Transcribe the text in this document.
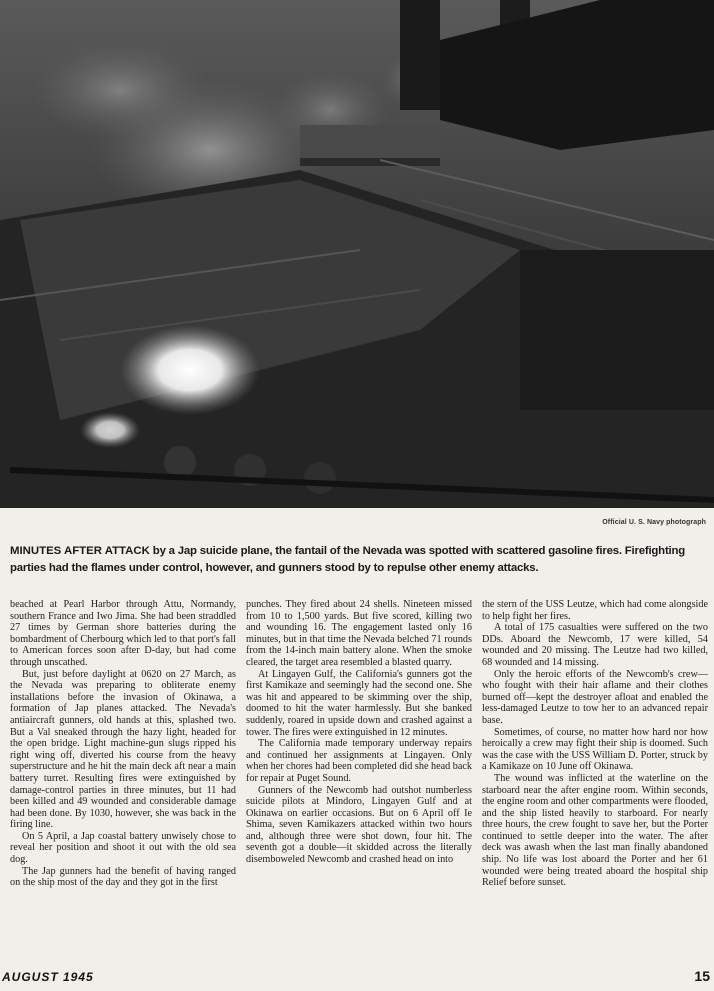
Official U. S. Navy photograph
MINUTES AFTER ATTACK by a Jap suicide plane, the fantail of the Nevada was spotted with scattered gasoline fires. Firefighting parties had the flames under control, however, and gunners stood by to repulse other enemy attacks.

beached at Pearl Harbor through Attu, Normandy, southern France and Iwo Jima. She had been straddled 27 times by German shore batteries during the bombardment of Cherbourg which led to that port's fall to American forces soon after D-day, but had come through unscathed.

But, just before daylight at 0620 on 27 March, as the Nevada was preparing to obliterate enemy installations before the invasion of Okinawa, a formation of Jap planes attacked. The Nevada's antiaircraft gunners, old hands at this, splashed two. But a Val sneaked through the hazy light, headed for the open bridge. Light machine-gun slugs ripped his right wing off, diverted his course from the heavy superstructure and he hit the main deck aft near a main battery turret. Resulting fires were extinguished by damage-control parties in three minutes, but 11 had been killed and 49 wounded and considerable damage had been done. By 1030, however, she was back in the firing line.

On 5 April, a Jap coastal battery unwisely chose to reveal her position and shoot it out with the old sea dog.

The Jap gunners had the benefit of having ranged on the ship most of the day and they got in the first

punches. They fired about 24 shells. Nineteen missed from 10 to 1,500 yards. But five scored, killing two and wounding 16. The engagement lasted only 16 minutes, but in that time the Nevada belched 71 rounds from the 14-inch main battery alone. When the smoke cleared, the target area resembled a blasted quarry.

At Lingayen Gulf, the California's gunners got the first Kamikaze and seemingly had the second one. She was hit and appeared to be skimming over the ship, doomed to hit the water harmlessly. But she banked suddenly, roared in upside down and crashed against a tower. The fires were extinguished in 12 minutes.

The California made temporary underway repairs and continued her assignments at Lingayen. Only when her chores had been completed did she head back for repair at Puget Sound.

Gunners of the Newcomb had outshot numberless suicide pilots at Mindoro, Lingayen Gulf and at Okinawa on earlier occasions. But on 6 April off Ie Shima, seven Kamikazers attacked within two hours and, although three were shot down, four hit. The seventh got a double—it skidded across the literally disemboweled Newcomb and crashed head on into

the stern of the USS Leutze, which had come alongside to help fight her fires.

A total of 175 casualties were suffered on the two DDs. Aboard the Newcomb, 17 were killed, 54 wounded and 20 missing. The Leutze had two killed, 68 wounded and 14 missing.

Only the heroic efforts of the Newcomb's crew—who fought with their hair aflame and their clothes burned off—kept the destroyer afloat and enabled the less-damaged Leutze to tow her to an advanced repair base.

Sometimes, of course, no matter how hard nor how heroically a crew may fight their ship is doomed. Such was the case with the USS William D. Porter, struck by a Kamikaze on 10 June off Okinawa.

The wound was inflicted at the waterline on the starboard near the after engine room. Within seconds, the engine room and other compartments were flooded, and the ship listed heavily to starboard. For nearly three hours, the crew fought to save her, but the Porter continued to settle deeper into the water. The after deck was awash when the last man finally abandoned ship. No life was lost aboard the Porter and her 61 wounded were being treated aboard the hospital ship Relief before sunset.

AUGUST 1945	15
